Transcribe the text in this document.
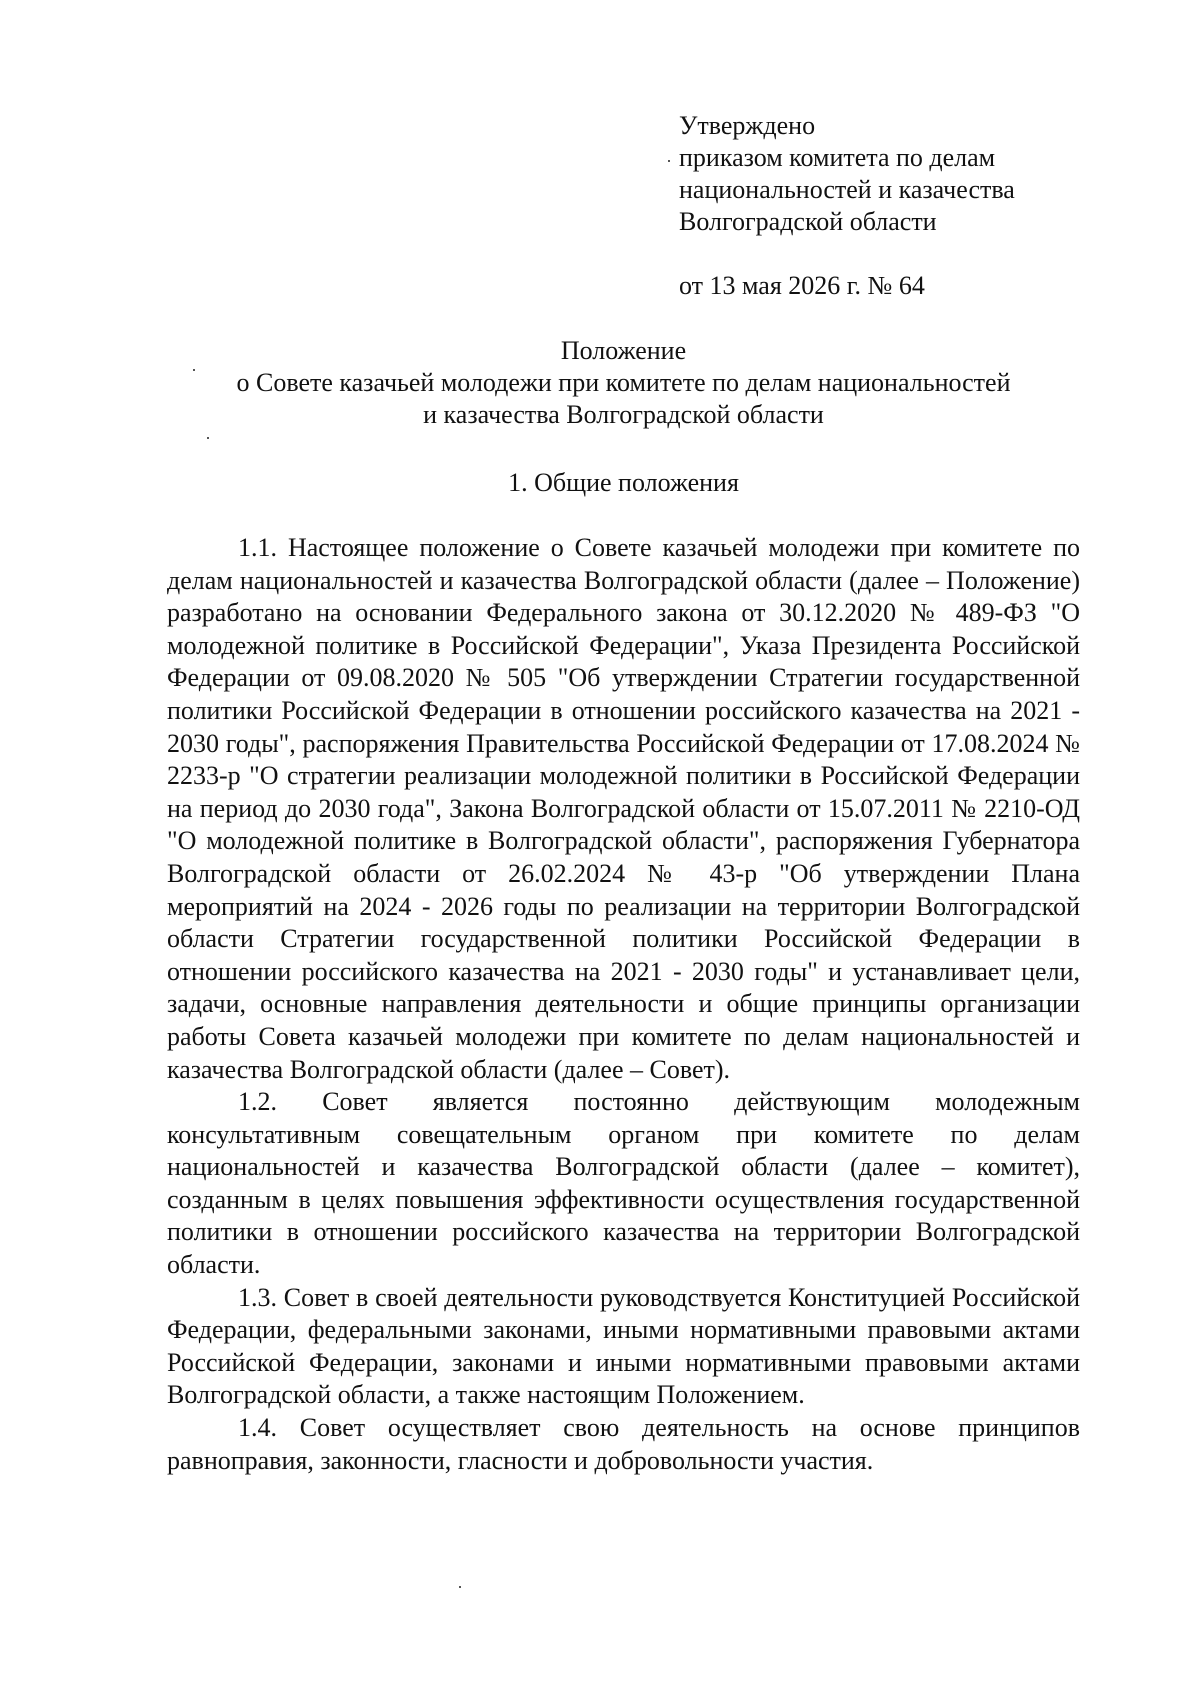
Утверждено
приказом комитета по делам
национальностей и казачества
Волгоградской области
от 13 мая 2026 г. № 64
Положение
о Совете казачьей молодежи при комитете по делам национальностей
и казачества Волгоградской области
1. Общие положения

1.1. Настоящее положение о Совете казачьей молодежи при комитете по делам национальностей и казачества Волгоградской области (далее – Положение) разработано на основании Федерального закона от 30.12.2020 № 489-ФЗ "О молодежной политике в Российской Федерации", Указа Президента Российской Федерации от 09.08.2020 № 505 "Об утверждении Стратегии государственной политики Российской Федерации в отношении российского казачества на 2021 - 2030 годы", распоряжения Правительства Российской Федерации от 17.08.2024 № 2233-р "О стратегии реализации молодежной политики в Российской Федерации на период до 2030 года", Закона Волгоградской области от 15.07.2011 № 2210-ОД "О молодежной политике в Волгоградской области", распоряжения Губернатора Волгоградской области от 26.02.2024 № 43-р "Об утверждении Плана мероприятий на 2024 - 2026 годы по реализации на территории Волгоградской области Стратегии государственной политики Российской Федерации в отношении российского казачества на 2021 - 2030 годы" и устанавливает цели, задачи, основные направления деятельности и общие принципы организации работы Совета казачьей молодежи при комитете по делам национальностей и казачества Волгоградской области (далее – Совет).

1.2. Совет является постоянно действующим молодежным консультативным совещательным органом при комитете по делам национальностей и казачества Волгоградской области (далее – комитет), созданным в целях повышения эффективности осуществления государственной политики в отношении российского казачества на территории Волгоградской области.

1.3. Совет в своей деятельности руководствуется Конституцией Российской Федерации, федеральными законами, иными нормативными правовыми актами Российской Федерации, законами и иными нормативными правовыми актами Волгоградской области, а также настоящим Положением.

1.4. Совет осуществляет свою деятельность на основе принципов равноправия, законности, гласности и добровольности участия.
